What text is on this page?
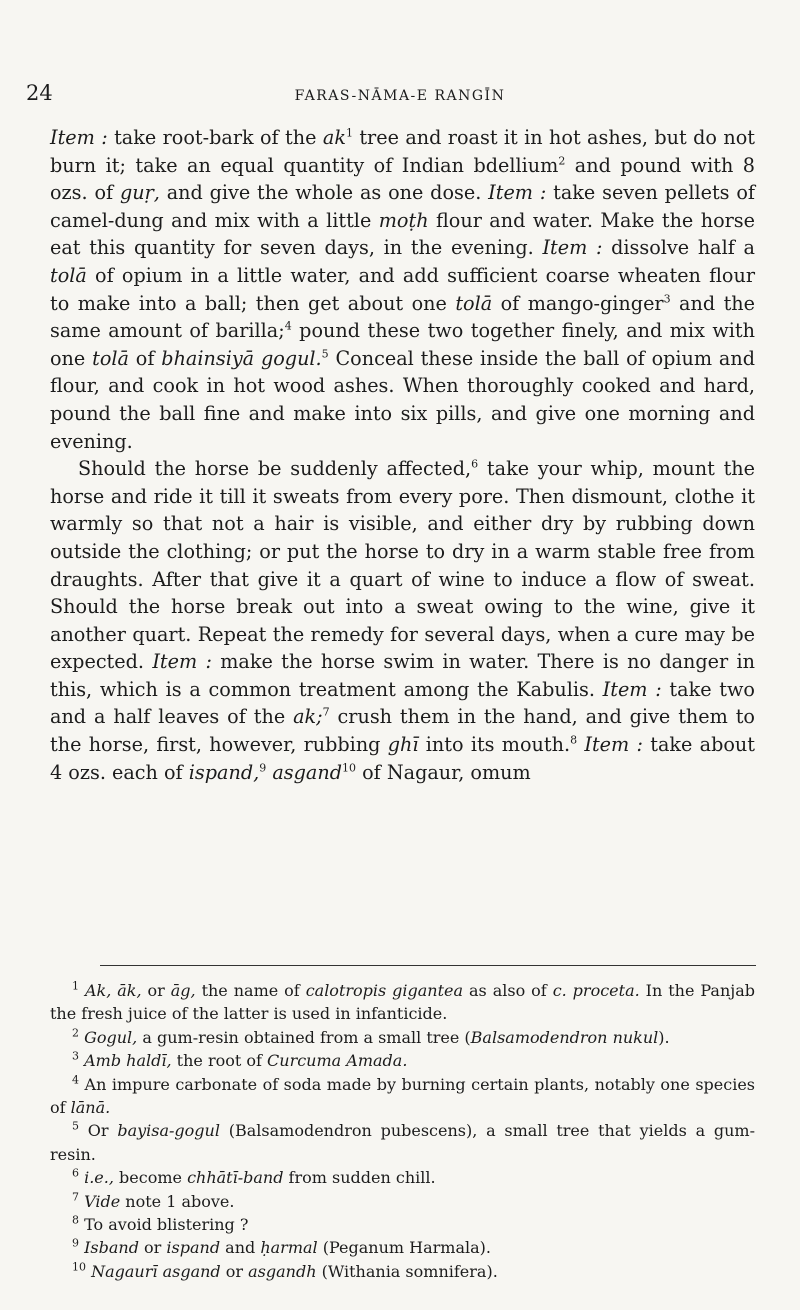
24	FARAS-NĀMA-E RANGĪN

Item : take root-bark of the $ak^1$ tree and roast it in hot ashes, but do not burn it; take an equal quantity of Indian bdellium$^2$ and pound with 8 ozs. of guṛ, and give the whole as one dose. Item : take seven pellets of camel-dung and mix with a little moṭh flour and water. Make the horse eat this quantity for seven days, in the evening. Item : dissolve half a tolā of opium in a little water, and add sufficient coarse wheaten flour to make into a ball; then get about one tolā of mango-ginger$^3$ and the same amount of barilla;$^4$ pound these two together finely, and mix with one tolā of bhainsiyā gogul.$^5$ Conceal these inside the ball of opium and flour, and cook in hot wood ashes. When thoroughly cooked and hard, pound the ball fine and make into six pills, and give one morning and evening.

Should the horse be suddenly affected,$^6$ take your whip, mount the horse and ride it till it sweats from every pore. Then dismount, clothe it warmly so that not a hair is visible, and either dry by rubbing down outside the clothing; or put the horse to dry in a warm stable free from draughts. After that give it a quart of wine to induce a flow of sweat. Should the horse break out into a sweat owing to the wine, give it another quart. Repeat the remedy for several days, when a cure may be expected. Item : make the horse swim in water. There is no danger in this, which is a common treatment among the Kabulis. Item : take two and a half leaves of the ak;$^7$ crush them in the hand, and give them to the horse, first, however, rubbing ghī into its mouth.$^8$ Item : take about 4 ozs. each of ispand,$^9$ asgand$^{10}$ of Nagaur, omum

$^1$ Ak, āk, or āg, the name of calotropis gigantea as also of c. proceta. In the Panjab the fresh juice of the latter is used in infanticide.

$^2$ Gogul, a gum-resin obtained from a small tree (Balsamodendron nukul).

$^3$ Amb haldī, the root of Curcuma Amada.

$^4$ An impure carbonate of soda made by burning certain plants, notably one species of lānā.

$^5$ Or bayisa-gogul (Balsamodendron pubescens), a small tree that yields a gum-resin.

$^6$ i.e., become chhātī-band from sudden chill.

$^7$ Vide note 1 above.

$^8$ To avoid blistering ?

$^9$ Isband or ispand and ḥarmal (Peganum Harmala).

$^{10}$ Nagaurī asgand or asgandh (Withania somnifera).
